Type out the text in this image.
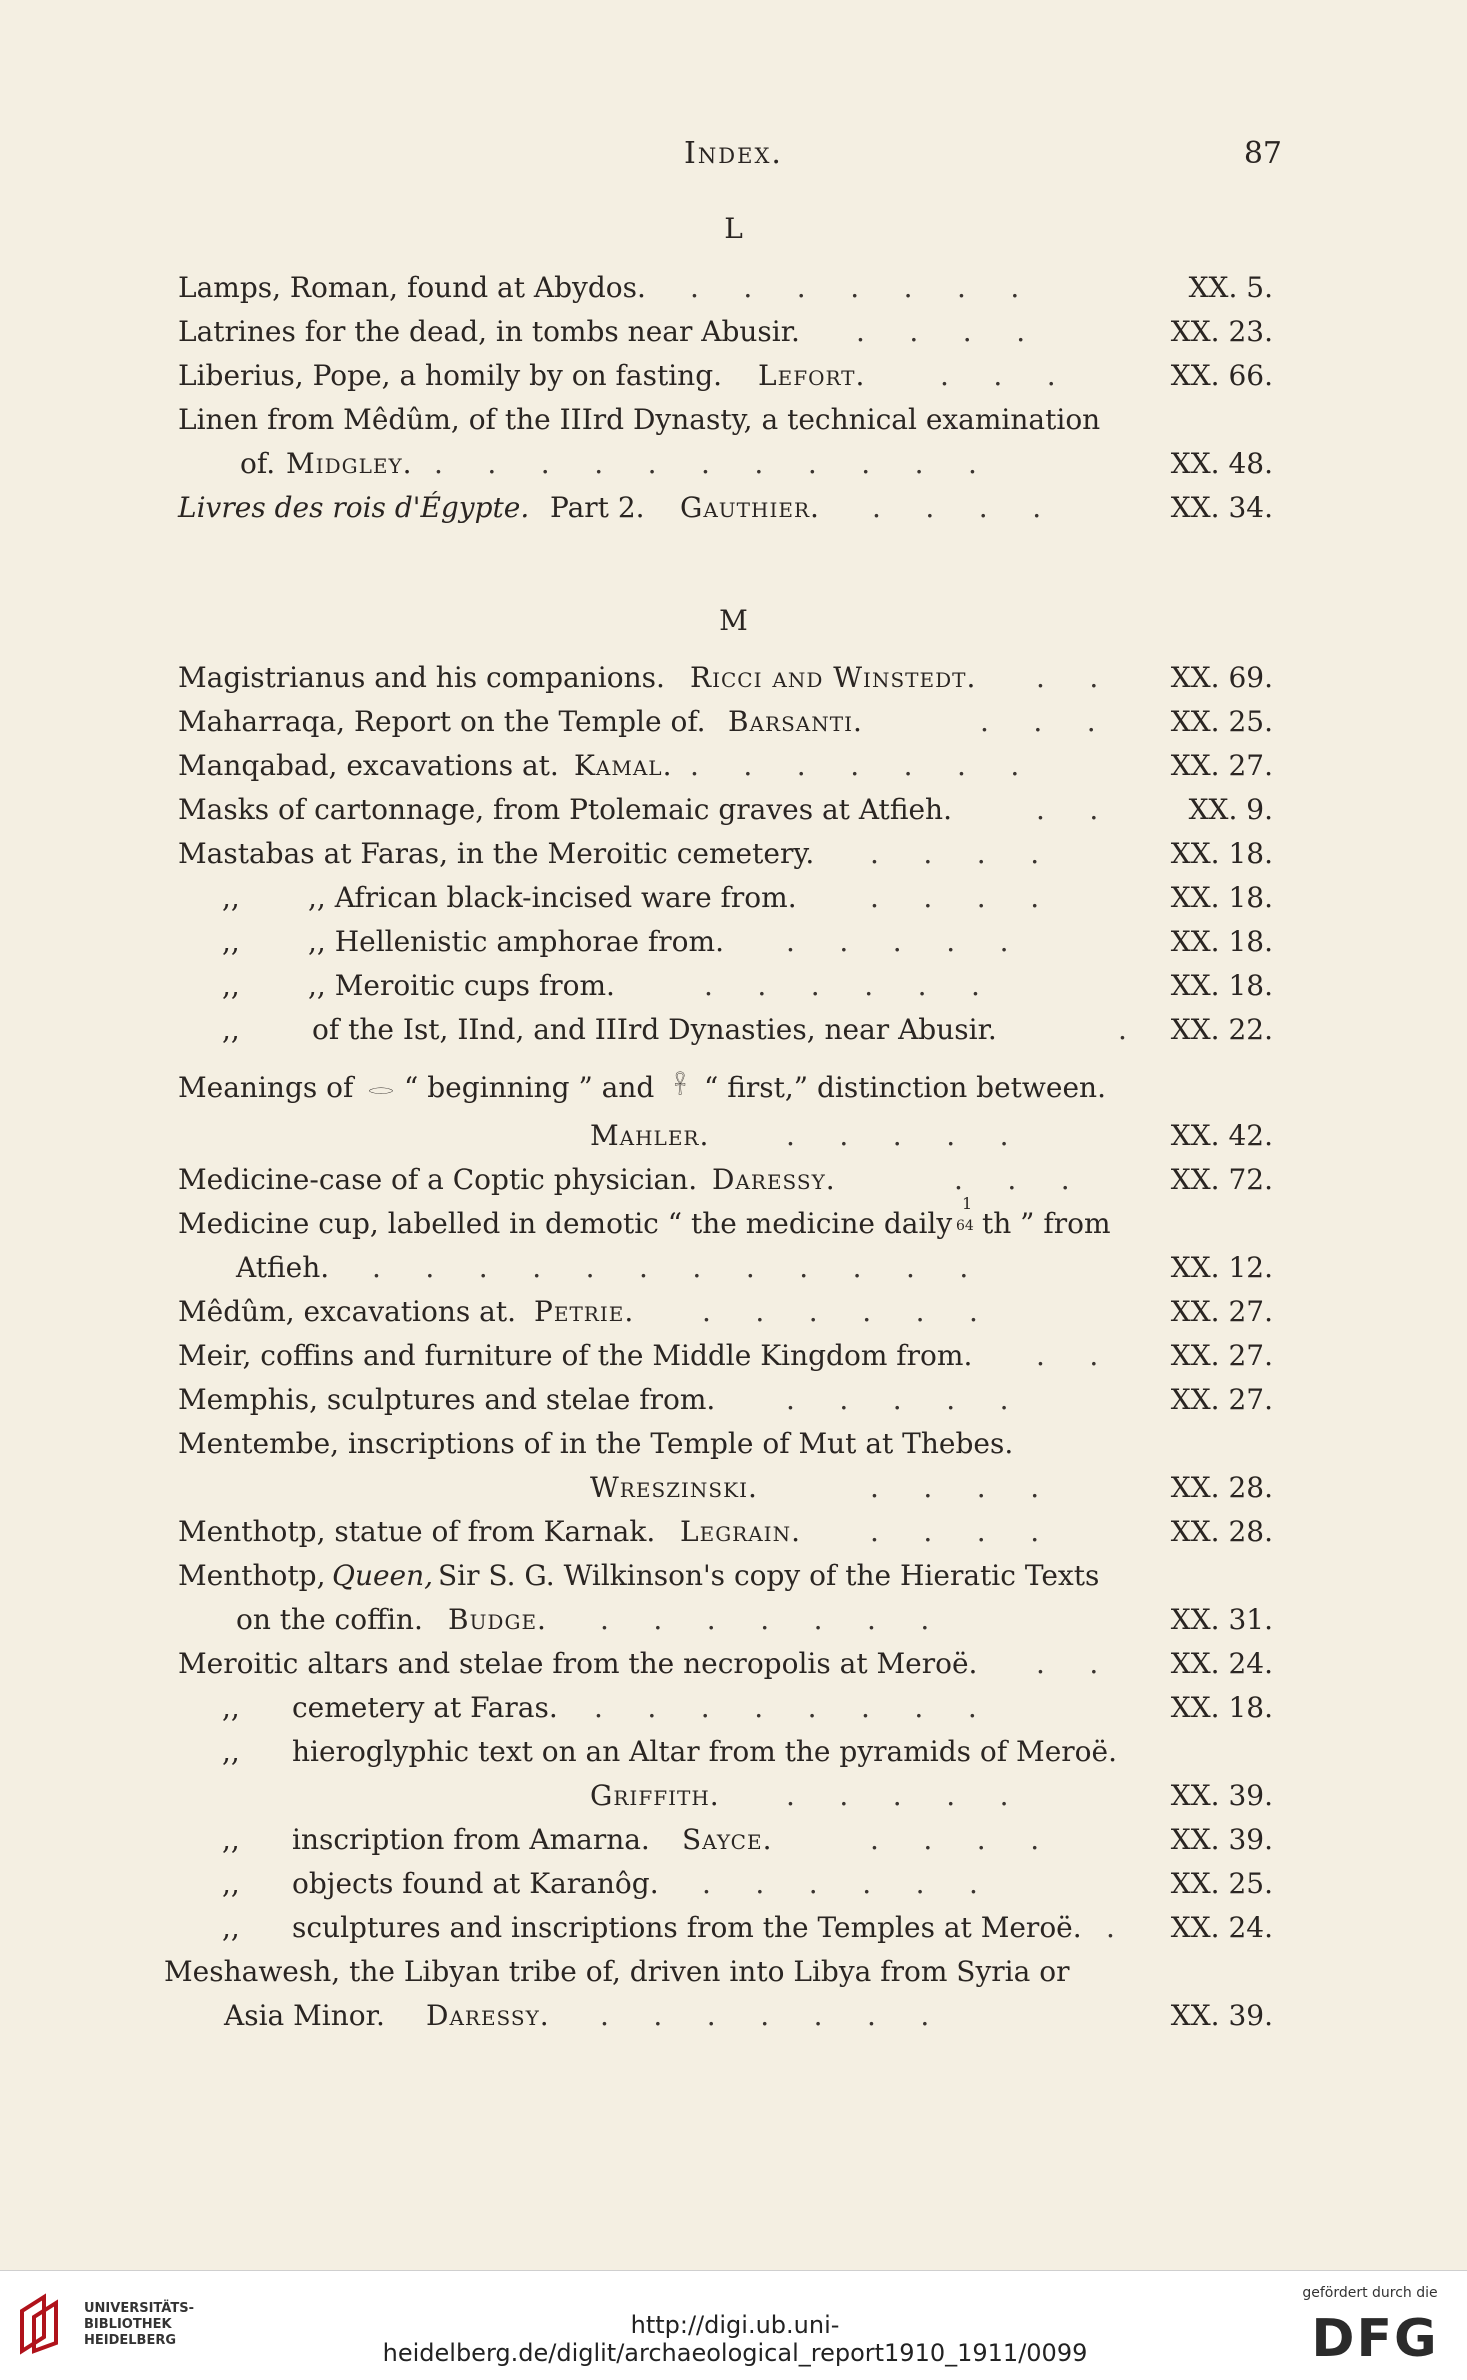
Index.	87
L
Lamps, Roman, found at Abydos. .     .     .     .     .     .     .	XX. 5.
Latrines for the dead, in tombs near Abusir. .     .     .     .	XX. 23.
Liberius, Pope, a homily by on fasting. Lefort.	.     .     .	XX. 66.
Linen from Mêdûm, of the IIIrd Dynasty, a technical examination
of. Midgley. .     .     .     .     .     .     .     .     .     .     .	XX. 48.
Livres des rois d'Égypte. Part 2. Gauthier. .     .     .     .	XX. 34.
M
Magistrianus and his companions. Ricci and Winstedt. .     .	XX. 69.
Maharraqa, Report on the Temple of. Barsanti.	.     .     .	XX. 25.
Manqabad, excavations at. Kamal. .     .     .     .     .     .     .	XX. 27.
Masks of cartonnage, from Ptolemaic graves at Atfieh.	.     .	XX. 9.
Mastabas at Faras, in the Meroitic cemetery. .     .     .     .	XX. 18.
,, ,, African black-incised ware from.	.     .     .     .	XX. 18.
,, ,, Hellenistic amphorae from. .     .     .     .     .	XX. 18.
,, ,, Meroitic cups from.	.     .     .     .     .     .	XX. 18.
,,	of the Ist, IInd, and IIIrd Dynasties, near Abusir.	.	XX. 22.
Meanings of 𓂋 “ beginning ” and 𓋹 “ first,” distinction between.
Mahler.	.     .     .     .     .	XX. 42.
Medicine-case of a Coptic physician. Daressy.	.     .     .	XX. 72.
Medicine cup, labelled in demotic “ the medicine daily
1
64 th ” from
Atfieh. .     .     .     .     .     .     .     .     .     .     .     .	XX. 12.
Mêdûm, excavations at. Petrie. .     .     .     .     .     .	XX. 27.
Meir, coffins and furniture of the Middle Kingdom from. .     .	XX. 27.
Memphis, sculptures and stelae from.	.     .     .     .     .	XX. 27.
Mentembe, inscriptions of in the Temple of Mut at Thebes.
Wreszinski.	.     .     .     .	XX. 28.
Menthotp, statue of from Karnak. Legrain. .     .     .     .	XX. 28.
Menthotp, Queen, Sir S. G. Wilkinson's copy of the Hieratic Texts
on the coffin. Budge. .     .     .     .     .     .     .	XX. 31.
Meroitic altars and stelae from the necropolis at Meroë. .     .	XX. 24.
,, cemetery at Faras. .     .     .     .     .     .     .     .	XX. 18.
,, hieroglyphic text on an Altar from the pyramids of Meroë.
Griffith. .     .     .     .     .	XX. 39.
,, inscription from Amarna. Sayce.	.     .     .     .	XX. 39.
,, objects found at Karanôg. .     .     .     .     .     .	XX. 25.
,, sculptures and inscriptions from the Temples at Meroë. .	XX. 24.
Meshawesh, the Libyan tribe of, driven into Libya from Syria or
Asia Minor. Daressy. .     .     .     .     .     .     .	XX. 39.
UNIVERSITÄTS-
BIBLIOTHEK
HEIDELBERG
http://digi.ub.uni-heidelberg.de/diglit/archaeological_report1910_1911/0099
gefördert durch die
DFG
